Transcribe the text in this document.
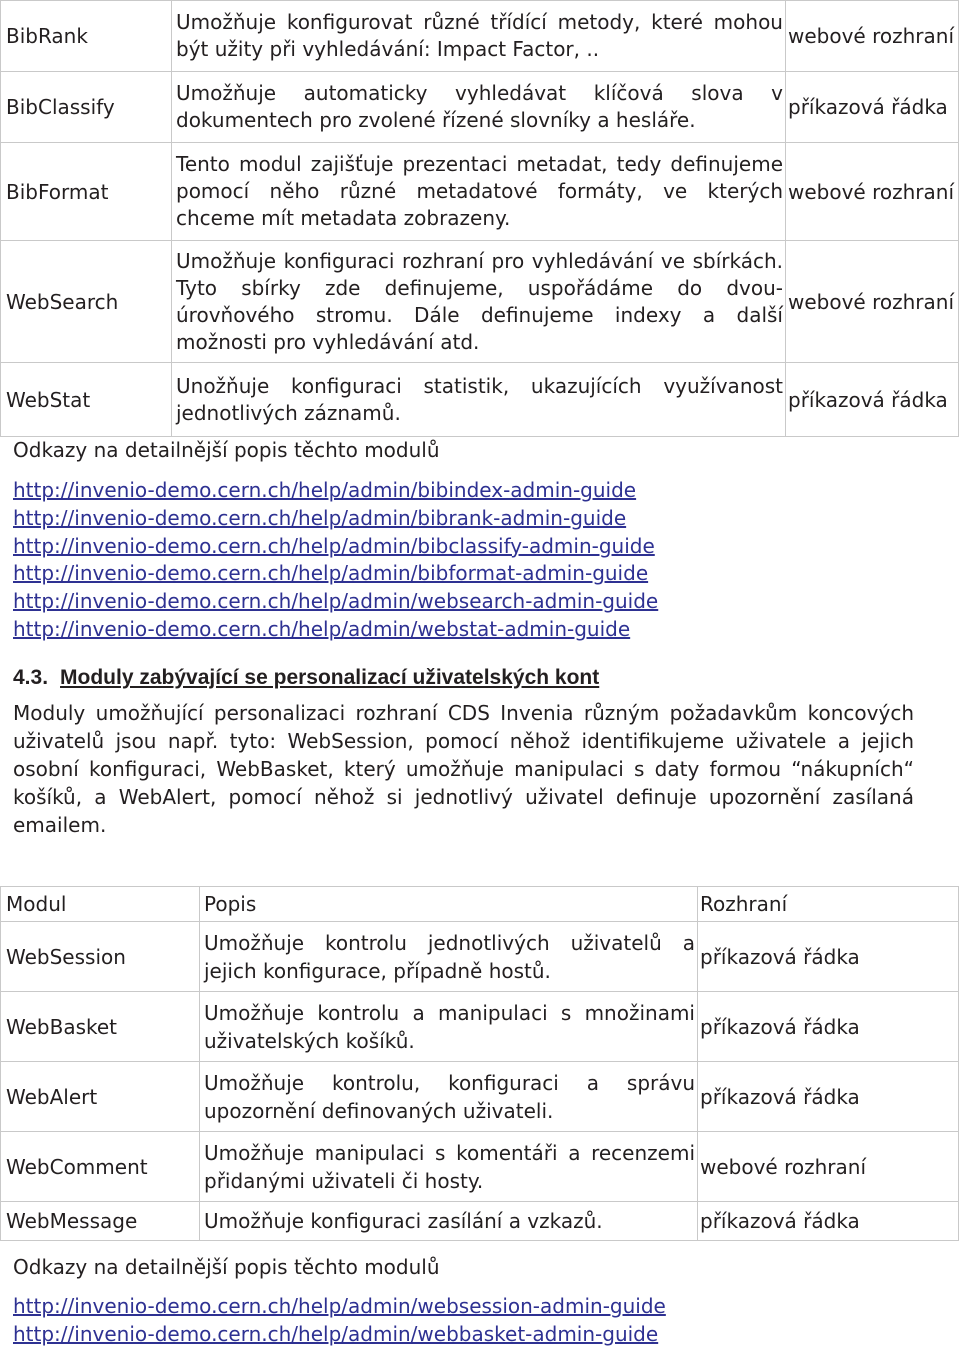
BibRank	Umožňuje konfigurovat různé třídící metody, které mohou být užity při vyhledávání: Impact Factor, ..	webové rozhraní
BibClassify	Umožňuje automaticky vyhledávat klíčová slova v dokumentech pro zvolené řízené slovníky a hesláře.	příkazová řádka
BibFormat	Tento modul zajišťuje prezentaci metadat, tedy definujeme pomocí něho různé metadatové formáty, ve kterých chceme mít metadata zobrazeny.	webové rozhraní
WebSearch	Umožňuje konfiguraci rozhraní pro vyhledávání ve sbírkách. Tyto sbírky zde definujeme, uspořádáme do dvou-úrovňového stromu. Dále definujeme indexy a další možnosti pro vyhledávání atd.	webové rozhraní
WebStat	Unožňuje konfiguraci statistik, ukazujících využívanost jednotlivých záznamů.	příkazová řádka
Odkazy na detailnější popis těchto modulů
http://invenio-demo.cern.ch/help/admin/bibindex-admin-guide
http://invenio-demo.cern.ch/help/admin/bibrank-admin-guide
http://invenio-demo.cern.ch/help/admin/bibclassify-admin-guide
http://invenio-demo.cern.ch/help/admin/bibformat-admin-guide
http://invenio-demo.cern.ch/help/admin/websearch-admin-guide
http://invenio-demo.cern.ch/help/admin/webstat-admin-guide
4.3. Moduly zabývající se personalizací uživatelských kont
Moduly umožňující personalizaci rozhraní CDS Invenia různým požadavkům koncových uživatelů jsou např. tyto: WebSession, pomocí něhož identifikujeme uživatele a jejich osobní konfiguraci, WebBasket, který umožňuje manipulaci s daty formou “nákupních“ košíků, a WebAlert, pomocí něhož si jednotlivý uživatel definuje upozornění zasílaná emailem.
Modul	Popis	Rozhraní
WebSession	Umožňuje kontrolu jednotlivých uživatelů a jejich konfigurace, případně hostů.	příkazová řádka
WebBasket	Umožňuje kontrolu a manipulaci s množinami uživatelských košíků.	příkazová řádka
WebAlert	Umožňuje kontrolu, konfiguraci a správu upozornění definovaných uživateli.	příkazová řádka
WebComment	Umožňuje manipulaci s komentáři a recenzemi přidanými uživateli či hosty.	webové rozhraní
WebMessage	Umožňuje konfiguraci zasílání a vzkazů.	příkazová řádka
Odkazy na detailnější popis těchto modulů
http://invenio-demo.cern.ch/help/admin/websession-admin-guide
http://invenio-demo.cern.ch/help/admin/webbasket-admin-guide
